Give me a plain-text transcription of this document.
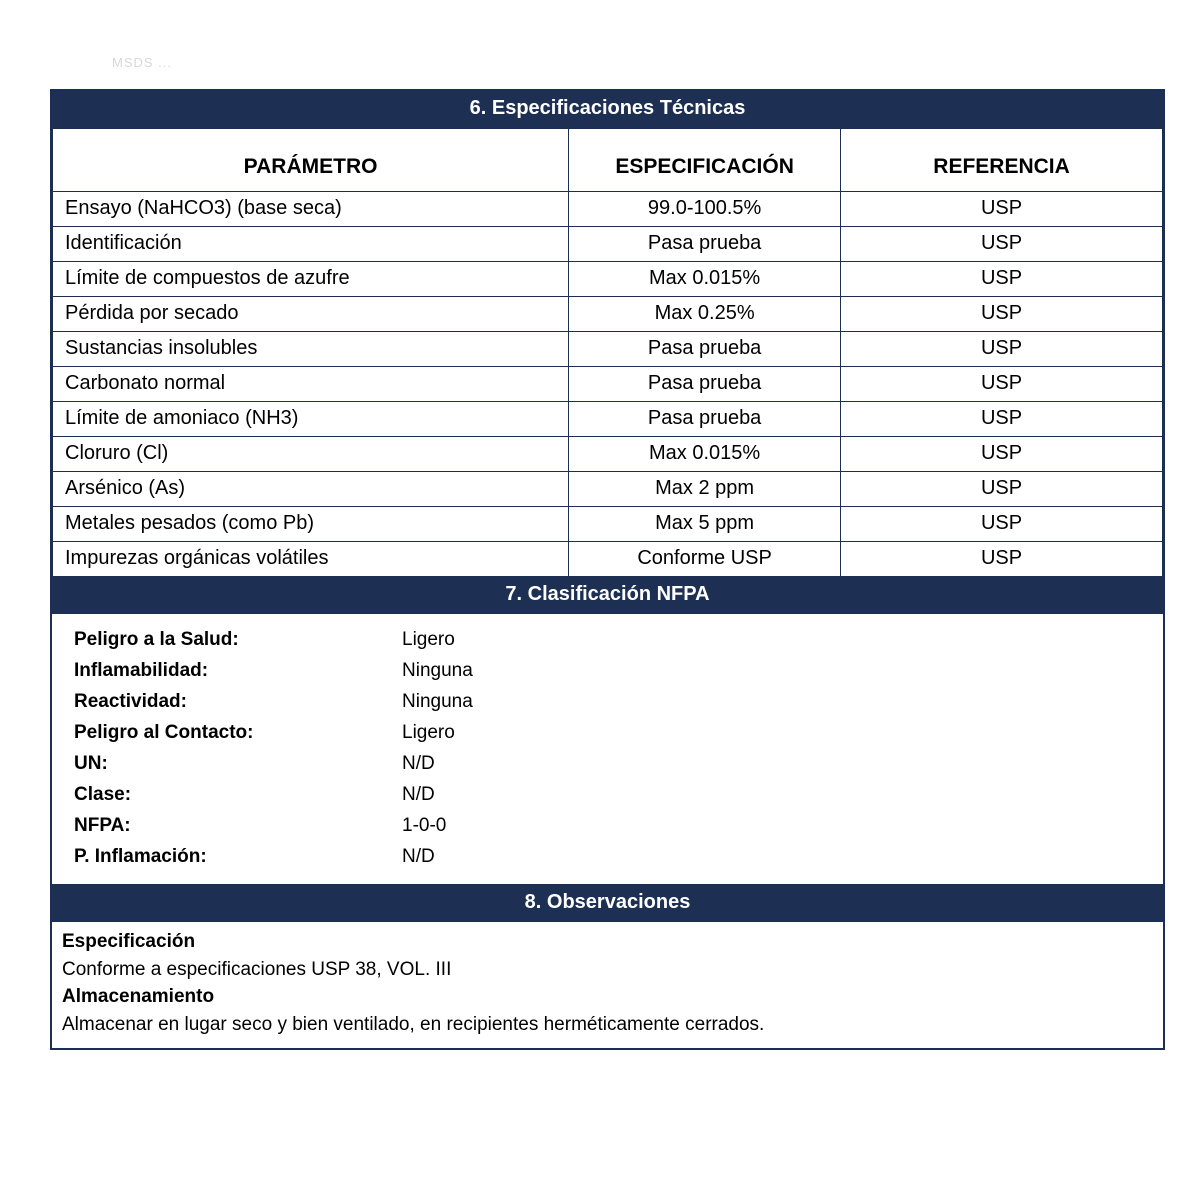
MSDS ...
6. Especificaciones Técnicas
PARÁMETRO	ESPECIFICACIÓN	REFERENCIA
Ensayo (NaHCO3) (base seca)	99.0-100.5%	USP
Identificación	Pasa prueba	USP
Límite de compuestos de azufre	Max 0.015%	USP
Pérdida por secado	Max 0.25%	USP
Sustancias insolubles	Pasa prueba	USP
Carbonato normal	Pasa prueba	USP
Límite de amoniaco (NH3)	Pasa prueba	USP
Cloruro (Cl)	Max 0.015%	USP
Arsénico (As)	Max 2 ppm	USP
Metales pesados (como Pb)	Max 5 ppm	USP
Impurezas orgánicas volátiles	Conforme USP	USP
7. Clasificación NFPA
Peligro a la Salud:	Ligero
Inflamabilidad:	Ninguna
Reactividad:	Ninguna
Peligro al Contacto:	Ligero
UN:	N/D
Clase:	N/D
NFPA:	1-0-0
P. Inflamación:	N/D
8. Observaciones
Especificación
Conforme a especificaciones USP 38, VOL. III
Almacenamiento
Almacenar en lugar seco y bien ventilado, en recipientes herméticamente cerrados.
